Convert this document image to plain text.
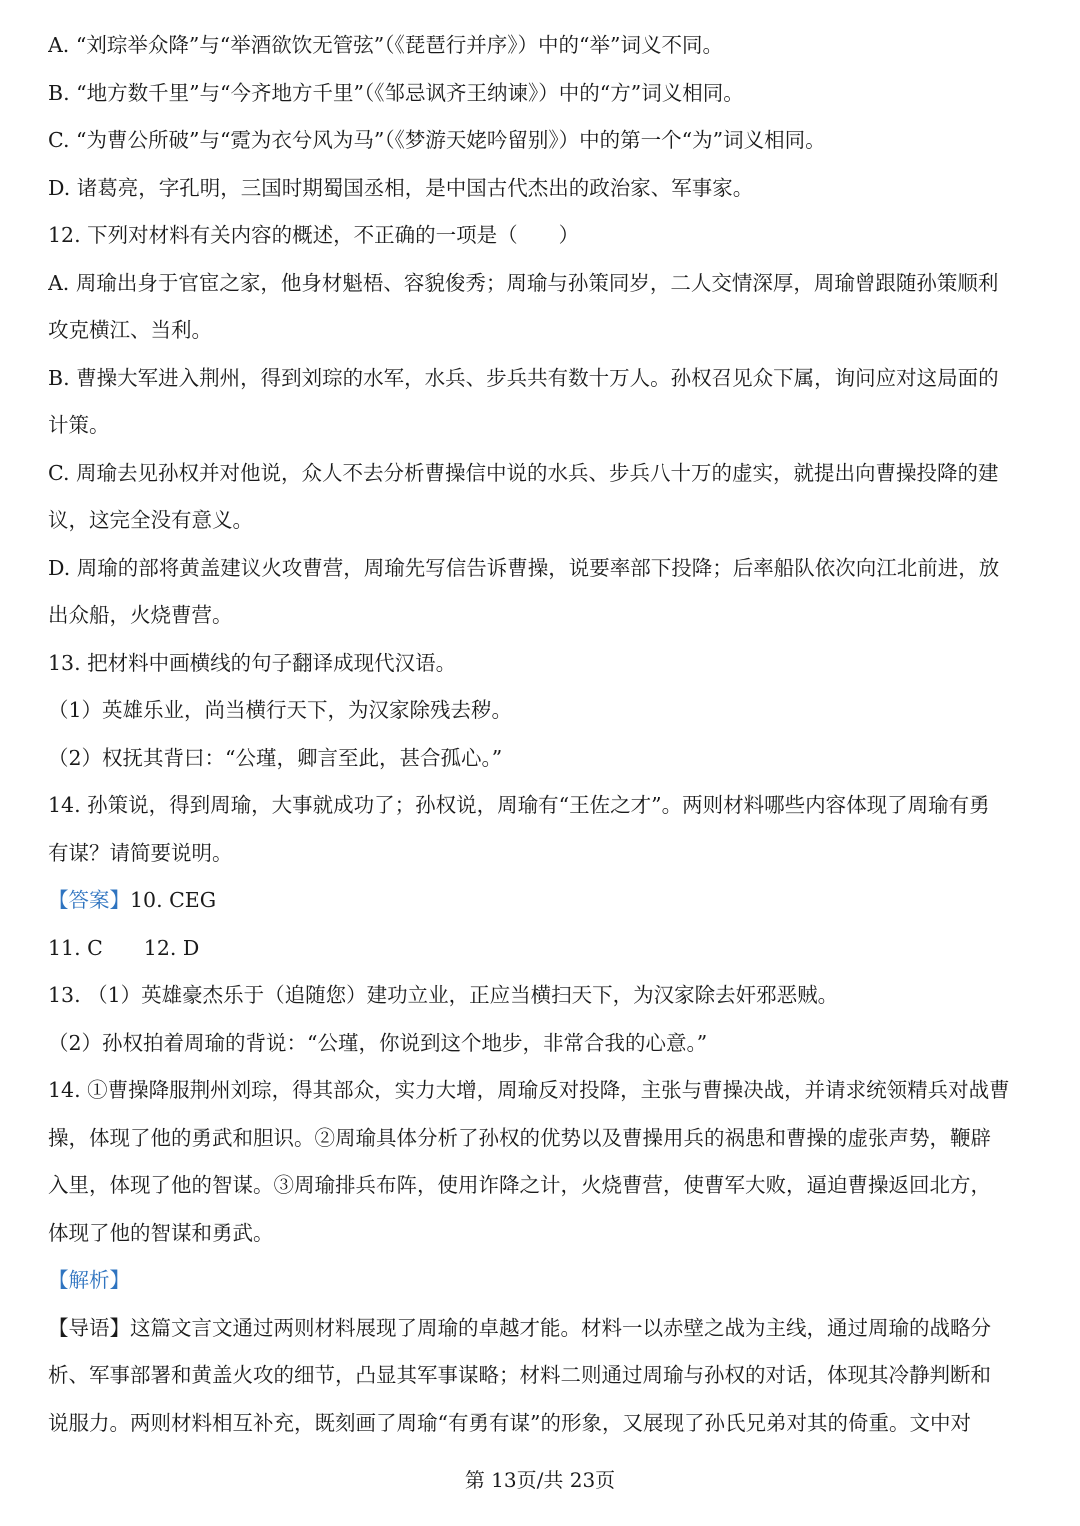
A. “刘琮举众降”与“举酒欲饮无管弦”（《琵琶行并序》）中的“举”词义不同。
B. “地方数千里”与“今齐地方千里”（《邹忌讽齐王纳谏》）中的“方”词义相同。
C. “为曹公所破”与“霓为衣兮风为马”（《梦游天姥吟留别》）中的第一个“为”词义相同。
D. 诸葛亮，字孔明，三国时期蜀国丞相，是中国古代杰出的政治家、军事家。
12. 下列对材料有关内容的概述，不正确的一项是（　　）
A. 周瑜出身于官宦之家，他身材魁梧、容貌俊秀；周瑜与孙策同岁，二人交情深厚，周瑜曾跟随孙策顺利
攻克横江、当利。
B. 曹操大军进入荆州，得到刘琮的水军，水兵、步兵共有数十万人。孙权召见众下属，询问应对这局面的
计策。
C. 周瑜去见孙权并对他说，众人不去分析曹操信中说的水兵、步兵八十万的虚实，就提出向曹操投降的建
议，这完全没有意义。
D. 周瑜的部将黄盖建议火攻曹营，周瑜先写信告诉曹操，说要率部下投降；后率船队依次向江北前进，放
出众船，火烧曹营。
13. 把材料中画横线的句子翻译成现代汉语。
（1）英雄乐业，尚当横行天下，为汉家除残去秽。
（2）权抚其背曰：“公瑾，卿言至此，甚合孤心。”
14. 孙策说，得到周瑜，大事就成功了；孙权说，周瑜有“王佐之才”。两则材料哪些内容体现了周瑜有勇
有谋？请简要说明。
【答案】10. CEG
11. C　　12. D
13. （1）英雄豪杰乐于（追随您）建功立业，正应当横扫天下，为汉家除去奸邪恶贼。
（2）孙权拍着周瑜的背说：“公瑾，你说到这个地步，非常合我的心意。”
14. ①曹操降服荆州刘琮，得其部众，实力大增，周瑜反对投降，主张与曹操决战，并请求统领精兵对战曹
操，体现了他的勇武和胆识。②周瑜具体分析了孙权的优势以及曹操用兵的祸患和曹操的虚张声势，鞭辟
入里，体现了他的智谋。③周瑜排兵布阵，使用诈降之计，火烧曹营，使曹军大败，逼迫曹操返回北方，
体现了他的智谋和勇武。
【解析】
【导语】这篇文言文通过两则材料展现了周瑜的卓越才能。材料一以赤壁之战为主线，通过周瑜的战略分
析、军事部署和黄盖火攻的细节，凸显其军事谋略；材料二则通过周瑜与孙权的对话，体现其冷静判断和
说服力。两则材料相互补充，既刻画了周瑜“有勇有谋”的形象，又展现了孙氏兄弟对其的倚重。文中对
第 13页/共 23页
